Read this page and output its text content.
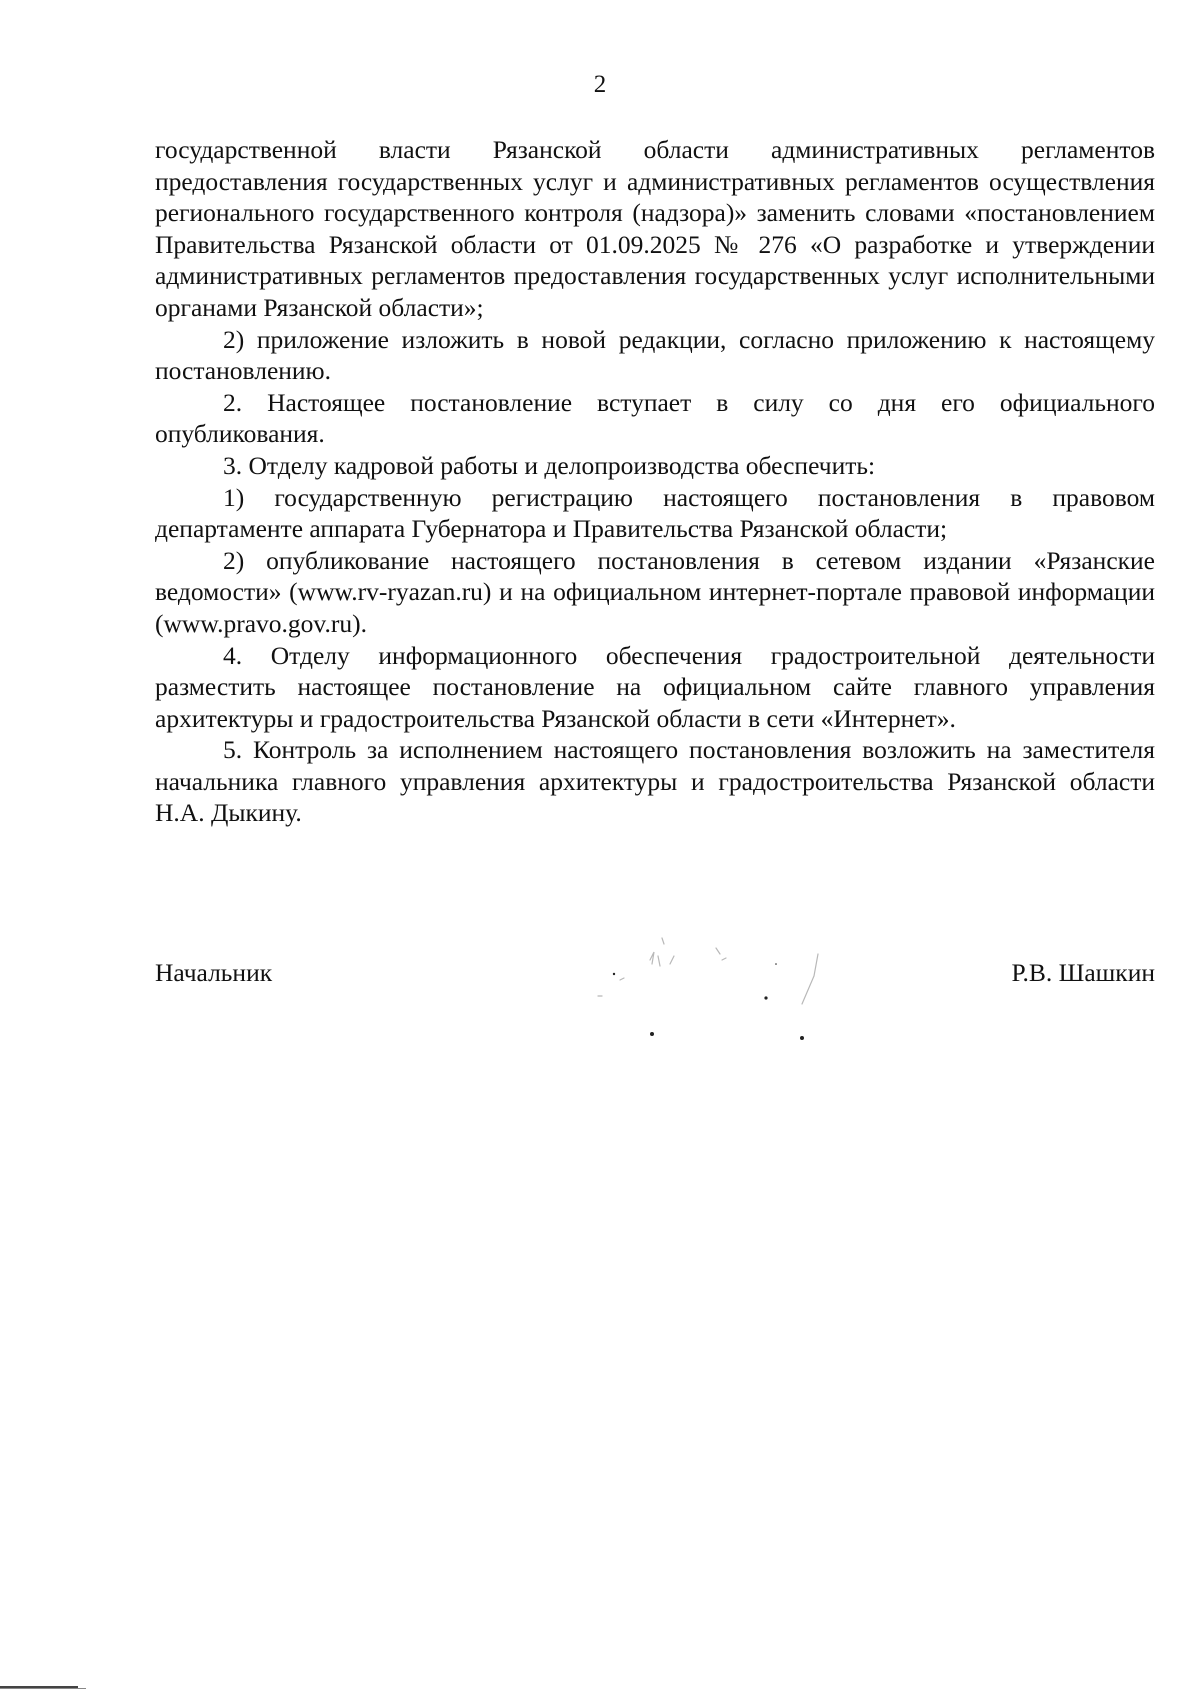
2

государственной власти Рязанской области административных регламентов предоставления государственных услуг и административных регламентов осуществления регионального государственного контроля (надзора)» заменить словами «постановлением Правительства Рязанской области от 01.09.2025 № 276 «О разработке и утверждении административных регламентов предоставления государственных услуг исполнительными органами Рязанской области»;

2) приложение изложить в новой редакции, согласно приложению к настоящему постановлению.

2. Настоящее постановление вступает в силу со дня его официального опубликования.

3. Отделу кадровой работы и делопроизводства обеспечить:

1) государственную регистрацию настоящего постановления в правовом департаменте аппарата Губернатора и Правительства Рязанской области;

2) опубликование настоящего постановления в сетевом издании «Рязанские ведомости» (www.rv-ryazan.ru) и на официальном интернет-портале правовой информации (www.pravo.gov.ru).

4. Отделу информационного обеспечения градостроительной деятельности разместить настоящее постановление на официальном сайте главного управления архитектуры и градостроительства Рязанской области в сети «Интернет».

5. Контроль за исполнением настоящего постановления возложить на заместителя начальника главного управления архитектуры и градостроительства Рязанской области Н.А. Дыкину.

Начальник	Р.В. Шашкин
